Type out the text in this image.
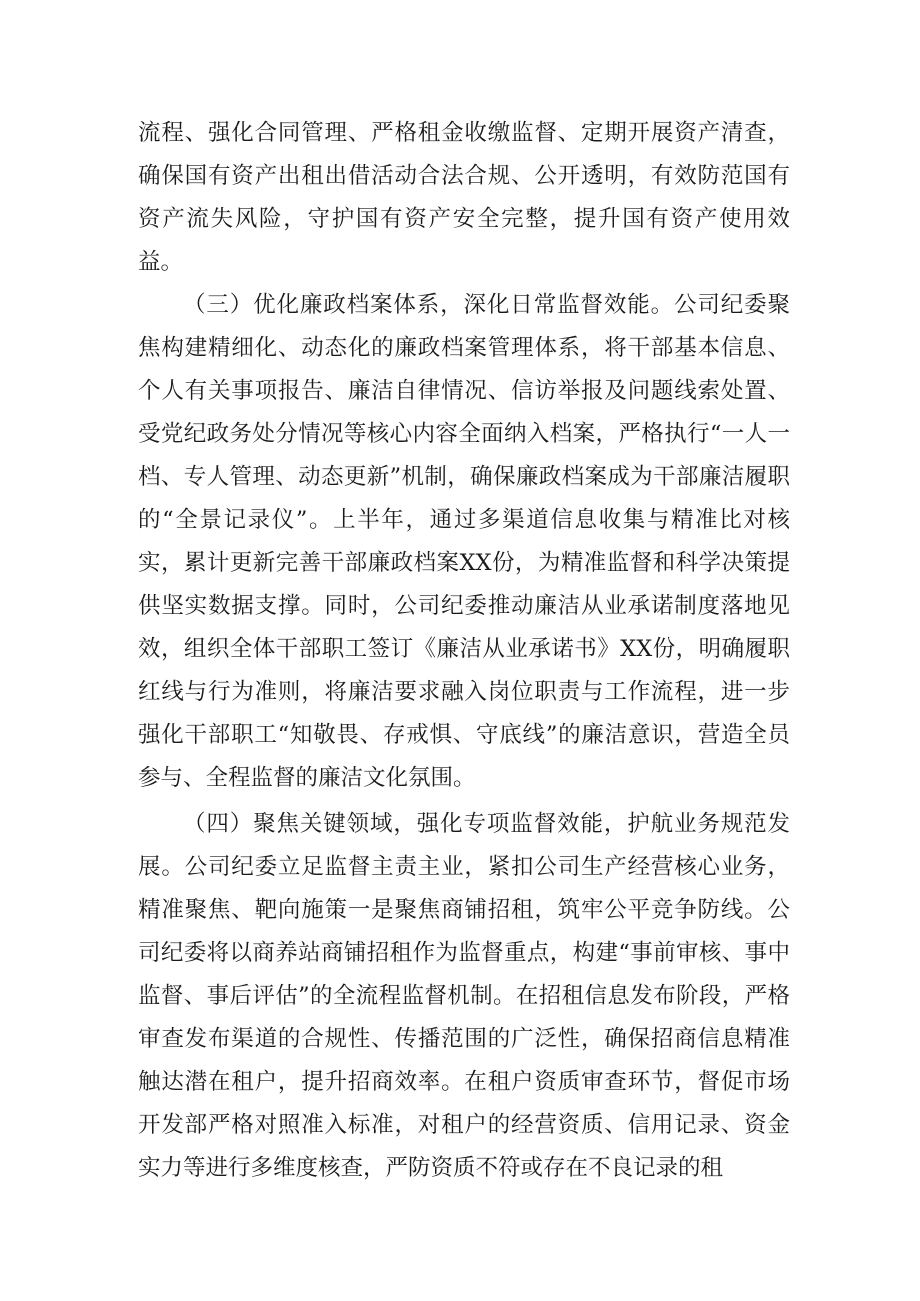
流程、强化合同管理、严格租金收缴监督、定期开展资产清查，确保国有资产出租出借活动合法合规、公开透明，有效防范国有资产流失风险，守护国有资产安全完整，提升国有资产使用效益。

（三）优化廉政档案体系，深化日常监督效能。公司纪委聚焦构建精细化、动态化的廉政档案管理体系，将干部基本信息、个人有关事项报告、廉洁自律情况、信访举报及问题线索处置、受党纪政务处分情况等核心内容全面纳入档案，严格执行“一人一档、专人管理、动态更新”机制，确保廉政档案成为干部廉洁履职的“全景记录仪”。上半年，通过多渠道信息收集与精准比对核实，累计更新完善干部廉政档案XX份，为精准监督和科学决策提供坚实数据支撑。同时，公司纪委推动廉洁从业承诺制度落地见效，组织全体干部职工签订《廉洁从业承诺书》XX份，明确履职红线与行为准则，将廉洁要求融入岗位职责与工作流程，进一步强化干部职工“知敬畏、存戒惧、守底线”的廉洁意识，营造全员参与、全程监督的廉洁文化氛围。

（四）聚焦关键领域，强化专项监督效能，护航业务规范发展。公司纪委立足监督主责主业，紧扣公司生产经营核心业务，精准聚焦、靶向施策一是聚焦商铺招租，筑牢公平竞争防线。公司纪委将以商养站商铺招租作为监督重点，构建“事前审核、事中监督、事后评估”的全流程监督机制。在招租信息发布阶段，严格审查发布渠道的合规性、传播范围的广泛性，确保招商信息精准触达潜在租户，提升招商效率。在租户资质审查环节，督促市场开发部严格对照准入标准，对租户的经营资质、信用记录、资金实力等进行多维度核查，严防资质不符或存在不良记录的租
